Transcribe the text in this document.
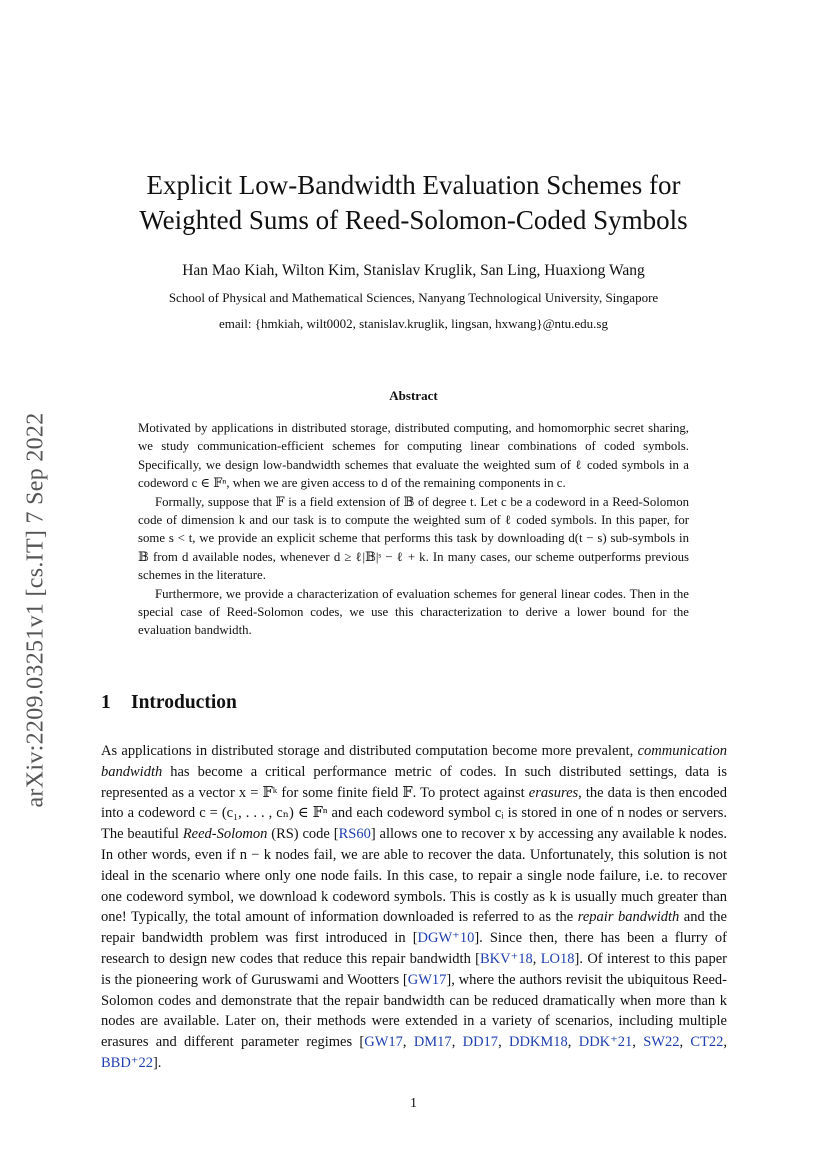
Explicit Low-Bandwidth Evaluation Schemes for
Weighted Sums of Reed-Solomon-Coded Symbols
Han Mao Kiah, Wilton Kim, Stanislav Kruglik, San Ling, Huaxiong Wang
School of Physical and Mathematical Sciences, Nanyang Technological University, Singapore
email: {hmkiah, wilt0002, stanislav.kruglik, lingsan, hxwang}@ntu.edu.sg
arXiv:2209.03251v1 [cs.IT] 7 Sep 2022
Abstract

Motivated by applications in distributed storage, distributed computing, and homomorphic secret sharing, we study communication-efficient schemes for computing linear combinations of coded symbols. Specifically, we design low-bandwidth schemes that evaluate the weighted sum of ℓ coded symbols in a codeword c ∈ 𝔽ⁿ, when we are given access to d of the remaining components in c.

Formally, suppose that 𝔽 is a field extension of 𝔹 of degree t. Let c be a codeword in a Reed-Solomon code of dimension k and our task is to compute the weighted sum of ℓ coded symbols. In this paper, for some s < t, we provide an explicit scheme that performs this task by downloading d(t − s) sub-symbols in 𝔹 from d available nodes, whenever d ≥ ℓ|𝔹|ˢ − ℓ + k. In many cases, our scheme outperforms previous schemes in the literature.

Furthermore, we provide a characterization of evaluation schemes for general linear codes. Then in the special case of Reed-Solomon codes, we use this characterization to derive a lower bound for the evaluation bandwidth.

1 Introduction

As applications in distributed storage and distributed computation become more prevalent, communication bandwidth has become a critical performance metric of codes. In such distributed settings, data is represented as a vector x = 𝔽ᵏ for some finite field 𝔽. To protect against erasures, the data is then encoded into a codeword c = (c₁, . . . , cₙ) ∈ 𝔽ⁿ and each codeword symbol cᵢ is stored in one of n nodes or servers. The beautiful Reed-Solomon (RS) code [RS60] allows one to recover x by accessing any available k nodes. In other words, even if n − k nodes fail, we are able to recover the data. Unfortunately, this solution is not ideal in the scenario where only one node fails. In this case, to repair a single node failure, i.e. to recover one codeword symbol, we download k codeword symbols. This is costly as k is usually much greater than one! Typically, the total amount of information downloaded is referred to as the repair bandwidth and the repair bandwidth problem was first introduced in [DGW⁺10]. Since then, there has been a flurry of research to design new codes that reduce this repair bandwidth [BKV⁺18, LO18]. Of interest to this paper is the pioneering work of Guruswami and Wootters [GW17], where the authors revisit the ubiquitous Reed-Solomon codes and demonstrate that the repair bandwidth can be reduced dramatically when more than k nodes are available. Later on, their methods were extended in a variety of scenarios, including multiple erasures and different parameter regimes [GW17, DM17, DD17, DDKM18, DDK⁺21, SW22, CT22, BBD⁺22].

1
